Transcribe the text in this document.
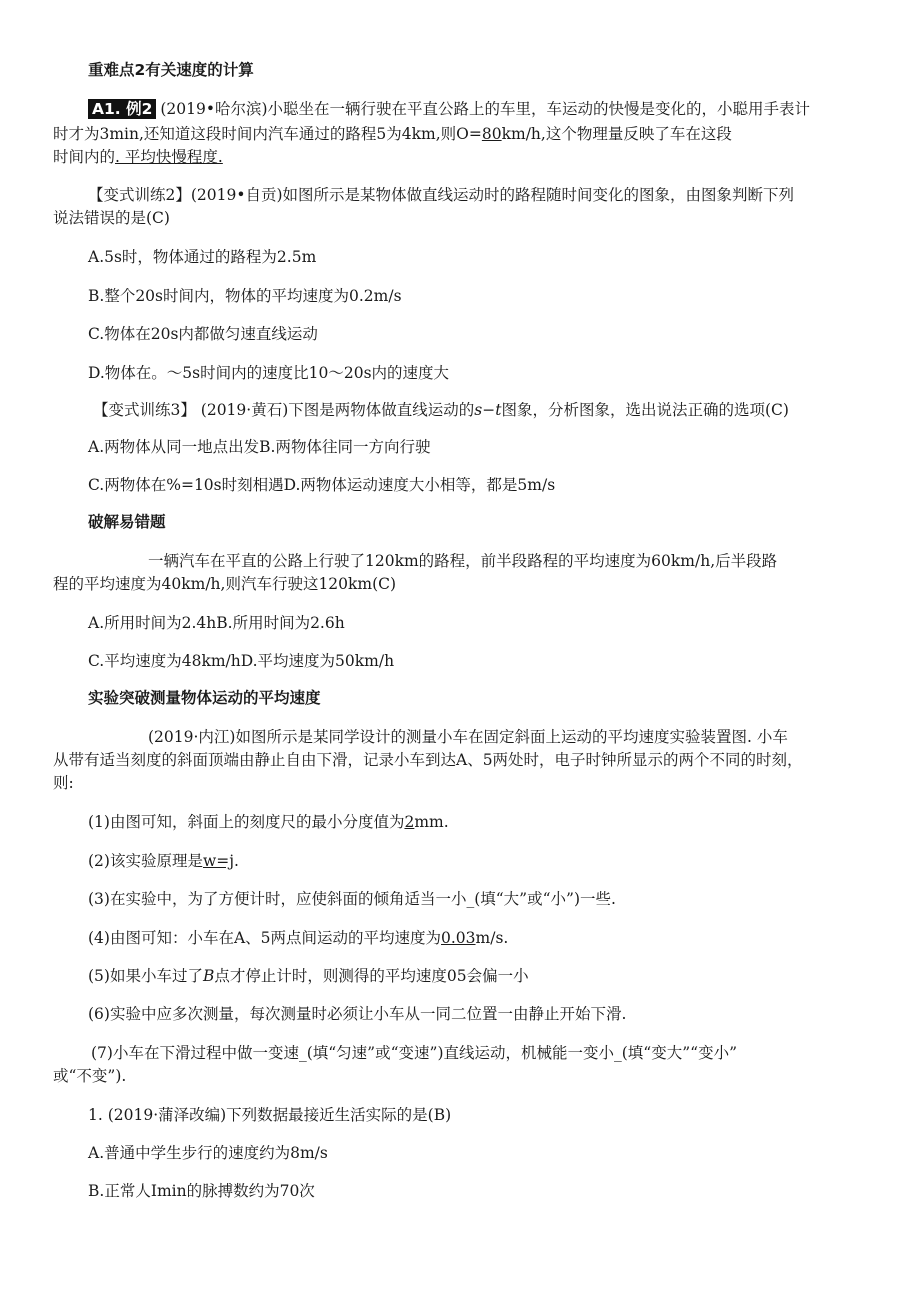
重难点2有关速度的计算
A1. 例2 (2019•哈尔滨)小聪坐在一辆行驶在平直公路上的车里，车运动的快慢是变化的，小聪用手表计
时才为3min,还知道这段时间内汽车通过的路程5为4km,则O=80km/h,这个物理量反映了车在这段
时间内的. 平均快慢程度.
【变式训练2】(2019•自贡)如图所示是某物体做直线运动时的路程随时间变化的图象，由图象判断下列
说法错误的是(C)
A.5s时，物体通过的路程为2.5m
B.整个20s时间内，物体的平均速度为0.2m/s
C.物体在20s内都做匀速直线运动
D.物体在。〜5s时间内的速度比10〜20s内的速度大
【变式训练3】 (2019·黄石)下图是两物体做直线运动的s−t图象，分析图象，选出说法正确的选项(C)
A.两物体从同一地点出发B.两物体往同一方向行驶
C.两物体在%=10s时刻相遇D.两物体运动速度大小相等，都是5m/s
破解易错题
一辆汽车在平直的公路上行驶了120km的路程，前半段路程的平均速度为60km/h,后半段路
程的平均速度为40km/h,则汽车行驶这120km(C)
A.所用时间为2.4hB.所用时间为2.6h
C.平均速度为48km/hD.平均速度为50km/h
实验突破测量物体运动的平均速度
(2019·内江)如图所示是某同学设计的测量小车在固定斜面上运动的平均速度实验装置图. 小车
从带有适当刻度的斜面顶端由静止自由下滑，记录小车到达A、5两处时，电子时钟所显示的两个不同的时刻，
则:
(1)由图可知，斜面上的刻度尺的最小分度值为2mm.
(2)该实验原理是w=j.
(3)在实验中，为了方便计时，应使斜面的倾角适当一小_(填“大”或“小”)一些.
(4)由图可知：小车在A、5两点间运动的平均速度为0.03m/s.
(5)如果小车过了B点才停止计时，则测得的平均速度05会偏一小
(6)实验中应多次测量，每次测量时必须让小车从一同二位置一由静止开始下滑.
(7)小车在下滑过程中做一变速_(填“匀速”或“变速”)直线运动，机械能一变小_(填“变大”“变小”
或“不变”).
1. (2019·蒲泽改编)下列数据最接近生活实际的是(B)
A.普通中学生步行的速度约为8m/s
B.正常人Imin的脉搏数约为70次
